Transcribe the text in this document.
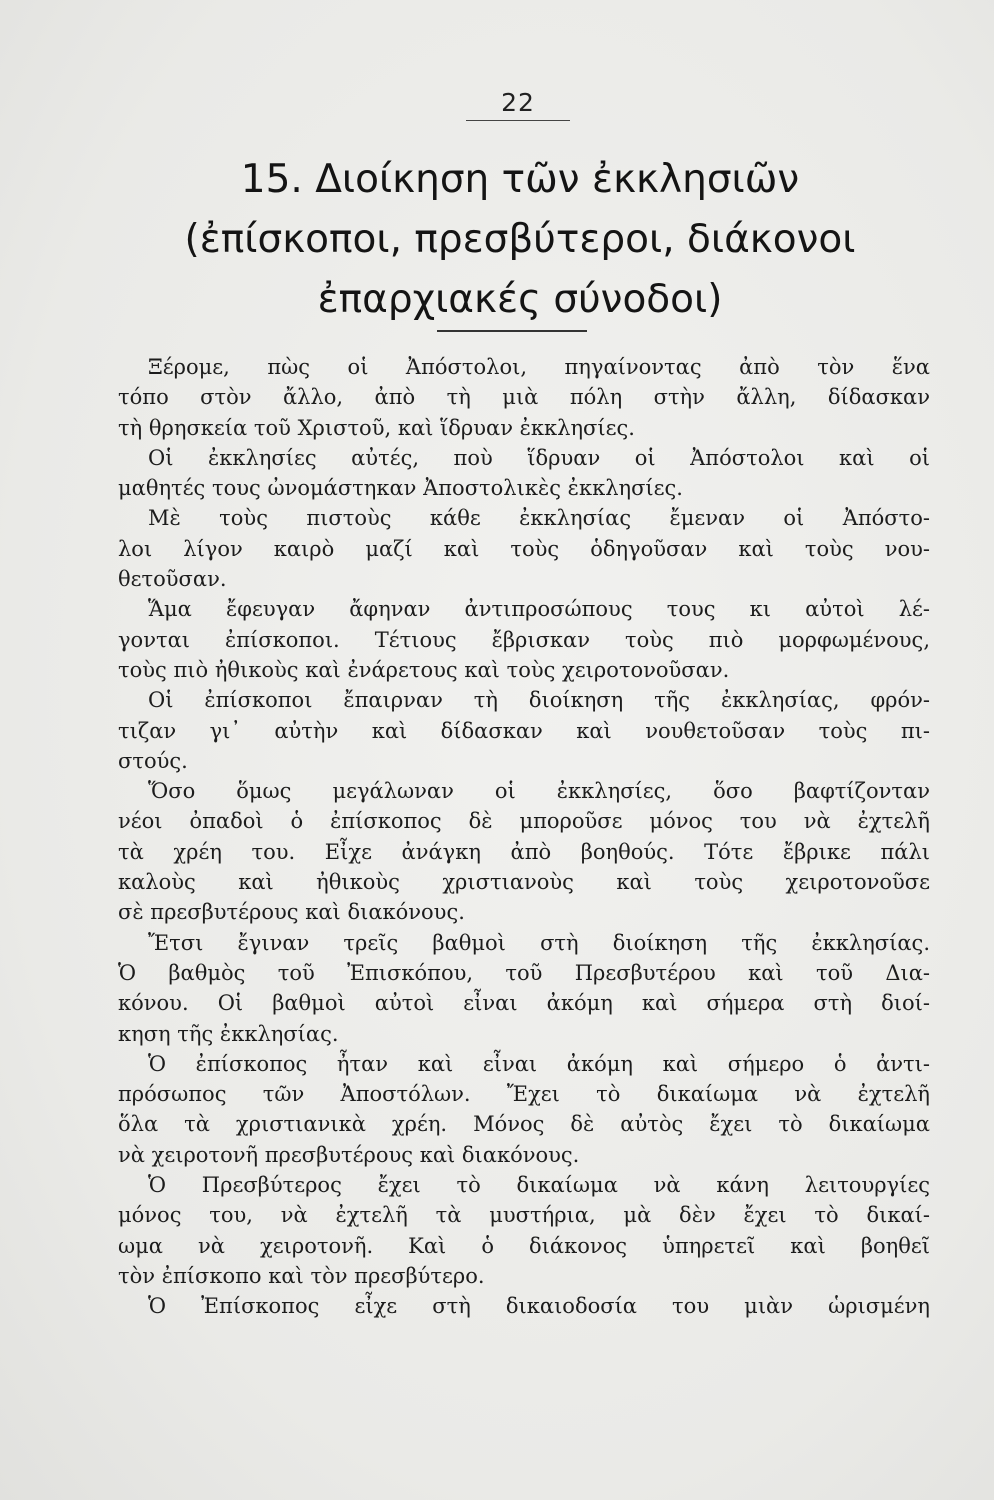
22
15. Διοίκηση τῶν ἐκκλησιῶν
(ἐπίσκοποι, πρεσβύτεροι, διάκονοι
ἐπαρχιακές σύνοδοι)
Ξέρομε, πὼς οἱ Ἀπόστολοι, πηγαίνοντας ἀπὸ τὸν ἕνα
τόπο στὸν ἄλλο, ἀπὸ τὴ μιὰ πόλη στὴν ἄλλη, δίδασκαν
τὴ θρησκεία τοῦ Χριστοῦ, καὶ ἵδρυαν ἐκκλησίες.
Οἱ ἐκκλησίες αὐτές, ποὺ ἵδρυαν οἱ Ἀπόστολοι καὶ οἱ
μαθητές τους ὠνομάστηκαν Ἀποστολικὲς ἐκκλησίες.
Μὲ τοὺς πιστοὺς κάθε ἐκκλησίας ἔμεναν οἱ Ἀπόστο-
λοι λίγον καιρὸ μαζί καὶ τοὺς ὁδηγοῦσαν καὶ τοὺς νου-
θετοῦσαν.
Ἅμα ἔφευγαν ἄφηναν ἀντιπροσώπους τους κι αὐτοὶ λέ-
γονται ἐπίσκοποι. Τέτιους ἔβρισκαν τοὺς πιὸ μορφωμένους,
τοὺς πιὸ ἠθικοὺς καὶ ἐνάρετους καὶ τοὺς χειροτονοῦσαν.
Οἱ ἐπίσκοποι ἔπαιρναν τὴ διοίκηση τῆς ἐκκλησίας, φρόν-
τιζαν γι᾽ αὐτὴν καὶ δίδασκαν καὶ νουθετοῦσαν τοὺς πι-
στούς.
Ὅσο ὅμως μεγάλωναν οἱ ἐκκλησίες, ὅσο βαφτίζονταν
νέοι ὀπαδοὶ ὁ ἐπίσκοπος δὲ μποροῦσε μόνος του νὰ ἐχτελῆ
τὰ χρέη του. Εἶχε ἀνάγκη ἀπὸ βοηθούς. Τότε ἔβρικε πάλι
καλοὺς καὶ ἠθικοὺς χριστιανοὺς καὶ τοὺς χειροτονοῦσε
σὲ πρεσβυτέρους καὶ διακόνους.
Ἔτσι ἔγιναν τρεῖς βαθμοὶ στὴ διοίκηση τῆς ἐκκλησίας.
Ὁ βαθμὸς τοῦ Ἐπισκόπου, τοῦ Πρεσβυτέρου καὶ τοῦ Δια-
κόνου. Οἱ βαθμοὶ αὐτοὶ εἶναι ἀκόμη καὶ σήμερα στὴ διοί-
κηση τῆς ἐκκλησίας.
Ὁ ἐπίσκοπος ἦταν καὶ εἶναι ἀκόμη καὶ σήμερο ὁ ἀντι-
πρόσωπος τῶν Ἀποστόλων. Ἔχει τὸ δικαίωμα νὰ ἐχτελῆ
ὅλα τὰ χριστιανικὰ χρέη. Μόνος δὲ αὐτὸς ἔχει τὸ δικαίωμα
νὰ χειροτονῆ πρεσβυτέρους καὶ διακόνους.
Ὁ Πρεσβύτερος ἔχει τὸ δικαίωμα νὰ κάνη λειτουργίες
μόνος του, νὰ ἐχτελῆ τὰ μυστήρια, μὰ δὲν ἔχει τὸ δικαί-
ωμα νὰ χειροτονῆ. Καὶ ὁ διάκονος ὑπηρετεῖ καὶ βοηθεῖ
τὸν ἐπίσκοπο καὶ τὸν πρεσβύτερο.
Ὁ Ἐπίσκοπος εἶχε στὴ δικαιοδοσία του μιὰν ὡρισμένη
